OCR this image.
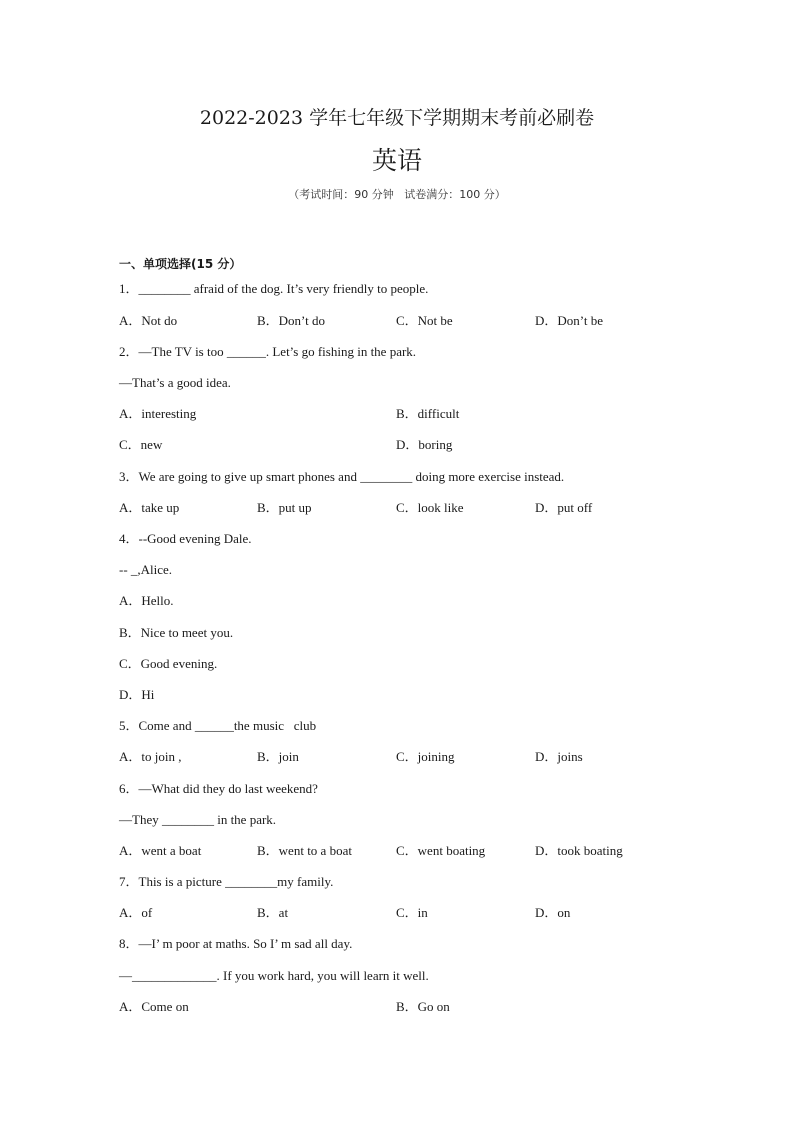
2022-2023 学年七年级下学期期末考前必刷卷
英语
（考试时间：90 分钟   试卷满分：100 分）
一、单项选择(15 分）
1．________ afraid of the dog. It’s very friendly to people.
A．Not do	B．Don’t do	C．Not be	D．Don’t be
2．—The TV is too ______. Let’s go fishing in the park.
—That’s a good idea.
A．interesting	B．difficult
C．new	D．boring
3．We are going to give up smart phones and ________ doing more exercise instead.
A．take up	B．put up	C．look like	D．put off
4．--Good evening Dale.
-- _,Alice.
A．Hello.
B．Nice to meet you.
C．Good evening.
D．Hi
5．Come and ______the music   club
A．to join ,	B．join	C．joining	D．joins
6．—What did they do last weekend?
—They ________ in the park.
A．went a boat	B．went to a boat	C．went boating	D．took boating
7．This is a picture ________my family.
A．of	B．at	C．in	D．on
8．—I’ m poor at maths. So I’ m sad all day.
—_____________. If you work hard, you will learn it well.
A．Come on	B．Go on
